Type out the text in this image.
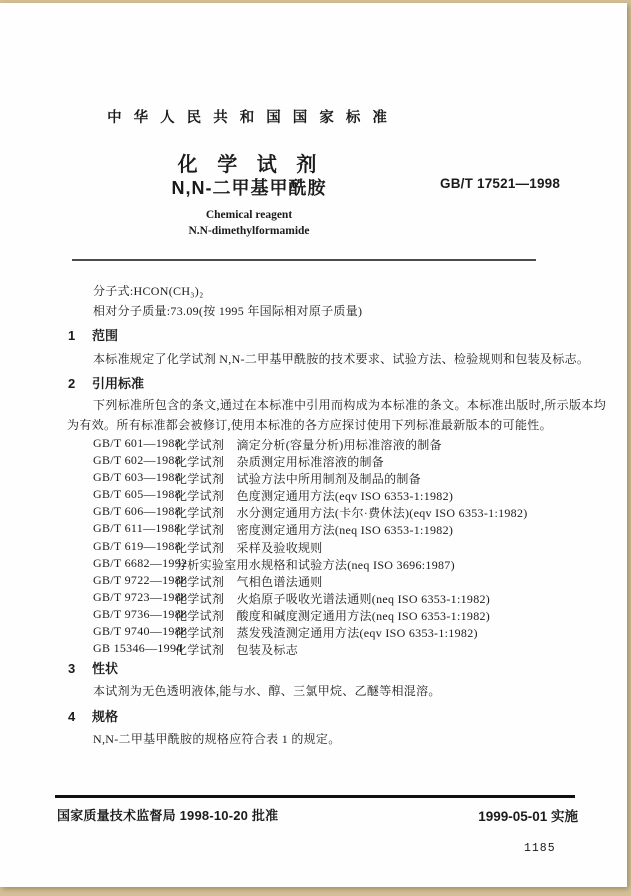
中 华 人 民 共 和 国 国 家 标 准
化 学 试 剂
N,N-二甲基甲酰胺	GB/T 17521—1998
Chemical reagent
N.N-dimethylformamide
分子式:HCON(CH₃)₂
相对分子质量:73.09(按 1995 年国际相对原子质量)
1 范围
本标准规定了化学试剂 N,N-二甲基甲酰胺的技术要求、试验方法、检验规则和包装及标志。
2 引用标准
下列标准所包含的条文,通过在本标准中引用而构成为本标准的条文。本标准出版时,所示版本均
为有效。所有标准都会被修订,使用本标准的各方应探讨使用下列标准最新版本的可能性。
GB/T 601—1988
化学试剂　滴定分析(容量分析)用标准溶液的制备
GB/T 602—1988
化学试剂　杂质测定用标准溶液的制备
GB/T 603—1988
化学试剂　试验方法中所用制剂及制品的制备
GB/T 605—1988
化学试剂　色度测定通用方法(eqv ISO 6353-1:1982)
GB/T 606—1988
化学试剂　水分测定通用方法(卡尔·费休法)(eqv ISO 6353-1:1982)
GB/T 611—1988
化学试剂　密度测定通用方法(neq ISO 6353-1:1982)
GB/T 619—1988
化学试剂　采样及验收规则
GB/T 6682—1992
分析实验室用水规格和试验方法(neq ISO 3696:1987)
GB/T 9722—1988
化学试剂　气相色谱法通则
GB/T 9723—1988
化学试剂　火焰原子吸收光谱法通则(neq ISO 6353-1:1982)
GB/T 9736—1988
化学试剂　酸度和碱度测定通用方法(neq ISO 6353-1:1982)
GB/T 9740—1988
化学试剂　蒸发残渣测定通用方法(eqv ISO 6353-1:1982)
GB 15346—1994
化学试剂　包装及标志
3 性状
本试剂为无色透明液体,能与水、醇、三氯甲烷、乙醚等相混溶。
4 规格
N,N-二甲基甲酰胺的规格应符合表 1 的规定。
国家质量技术监督局 1998-10-20 批准	1999-05-01 实施
1185
